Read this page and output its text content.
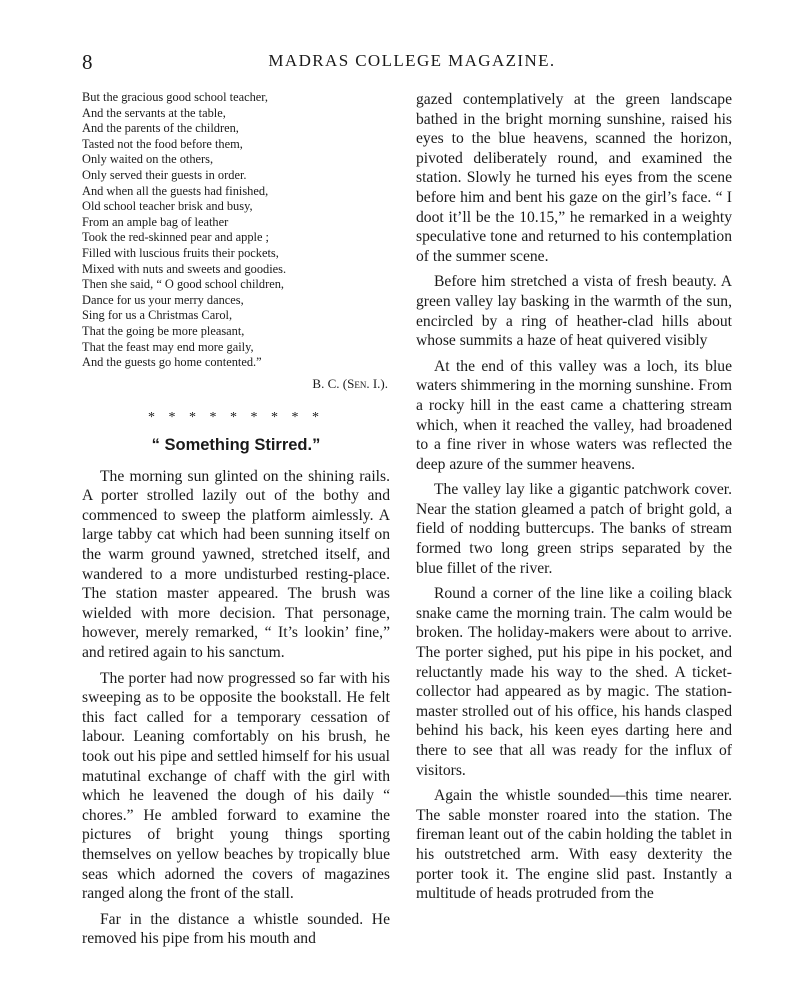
8	MADRAS COLLEGE MAGAZINE.
But the gracious good school teacher,
And the servants at the table,
And the parents of the children,
Tasted not the food before them,
Only waited on the others,
Only served their guests in order.
And when all the guests had finished,
Old school teacher brisk and busy,
From an ample bag of leather
Took the red-skinned pear and apple ;
Filled with luscious fruits their pockets,
Mixed with nuts and sweets and goodies.
Then she said, “ O good school children,
Dance for us your merry dances,
Sing for us a Christmas Carol,
That the going be more pleasant,
That the feast may end more gaily,
And the guests go home contented.”
B. C. (Sen. I.).
* * * * * * * * *
“ Something Stirred.”

The morning sun glinted on the shining rails. A porter strolled lazily out of the bothy and commenced to sweep the platform aimlessly. A large tabby cat which had been sunning itself on the warm ground yawned, stretched itself, and wandered to a more undisturbed resting-place. The station master appeared. The brush was wielded with more decision. That personage, however, merely remarked, “ It’s lookin’ fine,” and retired again to his sanctum.

The porter had now progressed so far with his sweeping as to be opposite the bookstall. He felt this fact called for a temporary cessation of labour. Leaning comfortably on his brush, he took out his pipe and settled himself for his usual matutinal exchange of chaff with the girl with which he leavened the dough of his daily “ chores.” He ambled forward to examine the pictures of bright young things sporting themselves on yellow beaches by tropically blue seas which adorned the covers of magazines ranged along the front of the stall.

Far in the distance a whistle sounded. He removed his pipe from his mouth and

gazed contemplatively at the green landscape bathed in the bright morning sunshine, raised his eyes to the blue heavens, scanned the horizon, pivoted deliberately round, and examined the station. Slowly he turned his eyes from the scene before him and bent his gaze on the girl’s face. “ I doot it’ll be the 10.15,” he remarked in a weighty speculative tone and returned to his contemplation of the summer scene.

Before him stretched a vista of fresh beauty. A green valley lay basking in the warmth of the sun, encircled by a ring of heather-clad hills about whose summits a haze of heat quivered visibly

At the end of this valley was a loch, its blue waters shimmering in the morning sunshine. From a rocky hill in the east came a chattering stream which, when it reached the valley, had broadened to a fine river in whose waters was reflected the deep azure of the summer heavens.

The valley lay like a gigantic patchwork cover. Near the station gleamed a patch of bright gold, a field of nodding buttercups. The banks of stream formed two long green strips separated by the blue fillet of the river.

Round a corner of the line like a coiling black snake came the morning train. The calm would be broken. The holiday-makers were about to arrive. The porter sighed, put his pipe in his pocket, and reluctantly made his way to the shed. A ticket-collector had appeared as by magic. The station-master strolled out of his office, his hands clasped behind his back, his keen eyes darting here and there to see that all was ready for the influx of visitors.

Again the whistle sounded—this time nearer. The sable monster roared into the station. The fireman leant out of the cabin holding the tablet in his outstretched arm. With easy dexterity the porter took it. The engine slid past. Instantly a multitude of heads protruded from the
